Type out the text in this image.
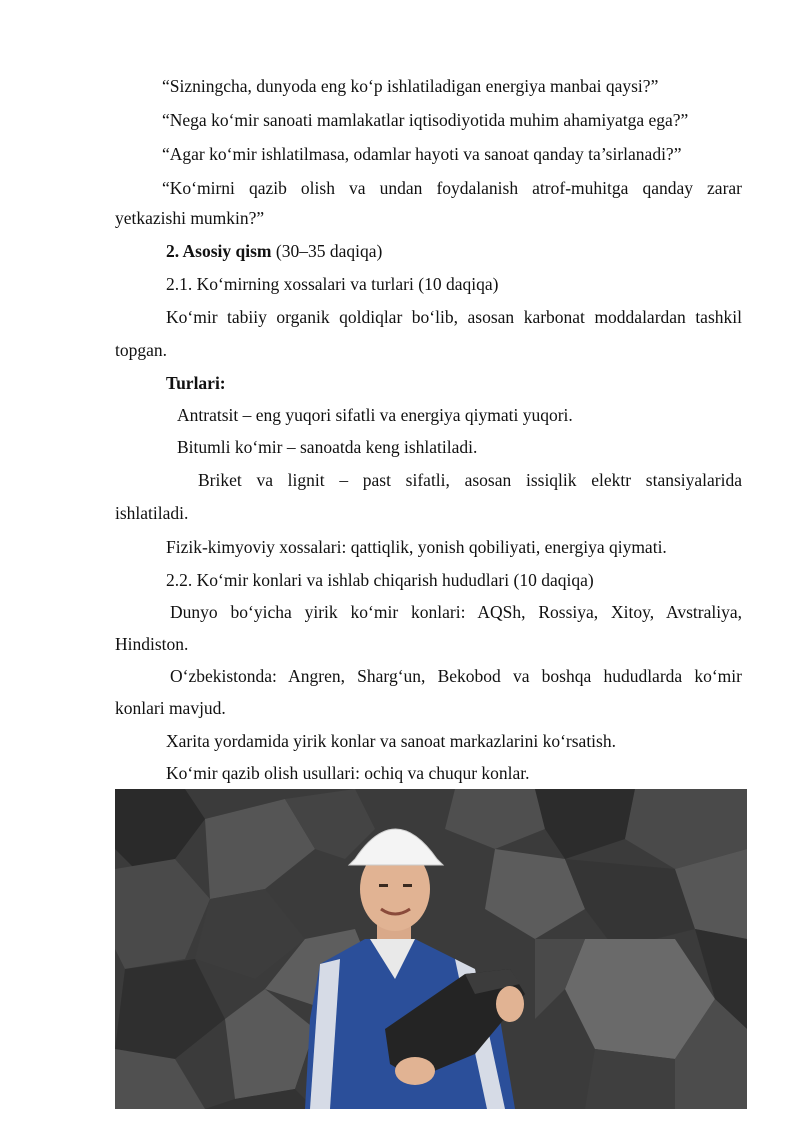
“Sizningcha, dunyoda eng ko‘p ishlatiladigan energiya manbai qaysi?”
“Nega ko‘mir sanoati mamlakatlar iqtisodiyotida muhim ahamiyatga ega?”
“Agar ko‘mir ishlatilmasa, odamlar hayoti va sanoat qanday ta’sirlanadi?”
“Ko‘mirni qazib olish va undan foydalanish atrof-muhitga qanday zarar
yetkazishi mumkin?”
2. Asosiy qism (30–35 daqiqa)
2.1. Ko‘mirning xossalari va turlari (10 daqiqa)
Ko‘mir tabiiy organik qoldiqlar bo‘lib, asosan karbonat moddalardan tashkil
topgan.
Turlari:
Antratsit – eng yuqori sifatli va energiya qiymati yuqori.
Bitumli ko‘mir – sanoatda keng ishlatiladi.
Briket va lignit – past sifatli, asosan issiqlik elektr stansiyalarida
ishlatiladi.
Fizik-kimyoviy xossalari: qattiqlik, yonish qobiliyati, energiya qiymati.
2.2. Ko‘mir konlari va ishlab chiqarish hududlari (10 daqiqa)
Dunyo bo‘yicha yirik ko‘mir konlari: AQSh, Rossiya, Xitoy, Avstraliya,
Hindiston.
O‘zbekistonda: Angren, Sharg‘un, Bekobod va boshqa hududlarda ko‘mir
konlari mavjud.
Xarita yordamida yirik konlar va sanoat markazlarini ko‘rsatish.
Ko‘mir qazib olish usullari: ochiq va chuqur konlar.
